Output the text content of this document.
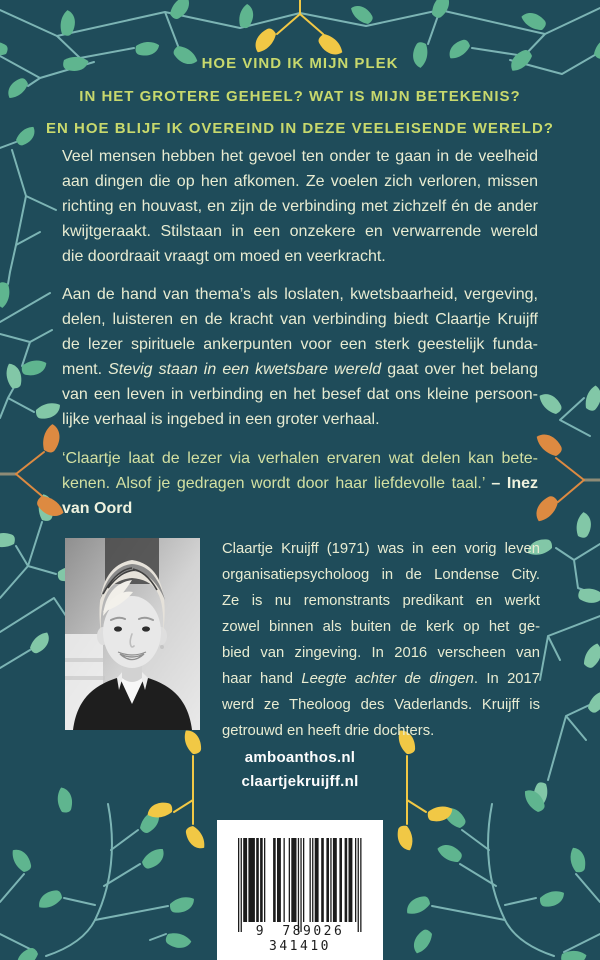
HOE VIND IK MIJN PLEK
IN HET GROTERE GEHEEL? WAT IS MIJN BETEKENIS?
EN HOE BLIJF IK OVEREIND IN DEZE VEELEISENDE WERELD?
Veel mensen hebben het gevoel ten onder te gaan in de veelheid
aan dingen die op hen afkomen. Ze voelen zich verloren, missen
richting en houvast, en zijn de verbinding met zichzelf én de ander
kwijtgeraakt. Stilstaan in een onzekere en verwarrende wereld
die doordraait vraagt om moed en veerkracht.
Aan de hand van thema’s als loslaten, kwetsbaarheid, vergeving,
delen, luisteren en de kracht van verbinding biedt Claartje Kruijff
de lezer spirituele ankerpunten voor een sterk geestelijk funda-
ment. Stevig staan in een kwetsbare wereld gaat over het belang
van een leven in verbinding en het besef dat ons kleine persoon-
lijke verhaal is ingebed in een groter verhaal.
‘Claartje laat de lezer via verhalen ervaren wat delen kan bete-
kenen. Alsof je gedragen wordt door haar liefdevolle taal.’ – Inez
van Oord
Claartje Kruijff (1971) was in een vorig leven
organisatiepsycholoog in de Londense City.
Ze is nu remonstrants predikant en werkt
zowel binnen als buiten de kerk op het ge-
bied van zingeving. In 2016 verscheen van
haar hand Leegte achter de dingen. In 2017
werd ze Theoloog des Vaderlands. Kruijff is
getrouwd en heeft drie dochters.
amboanthos.nl
claartjekruijff.nl
9 789026 341410
